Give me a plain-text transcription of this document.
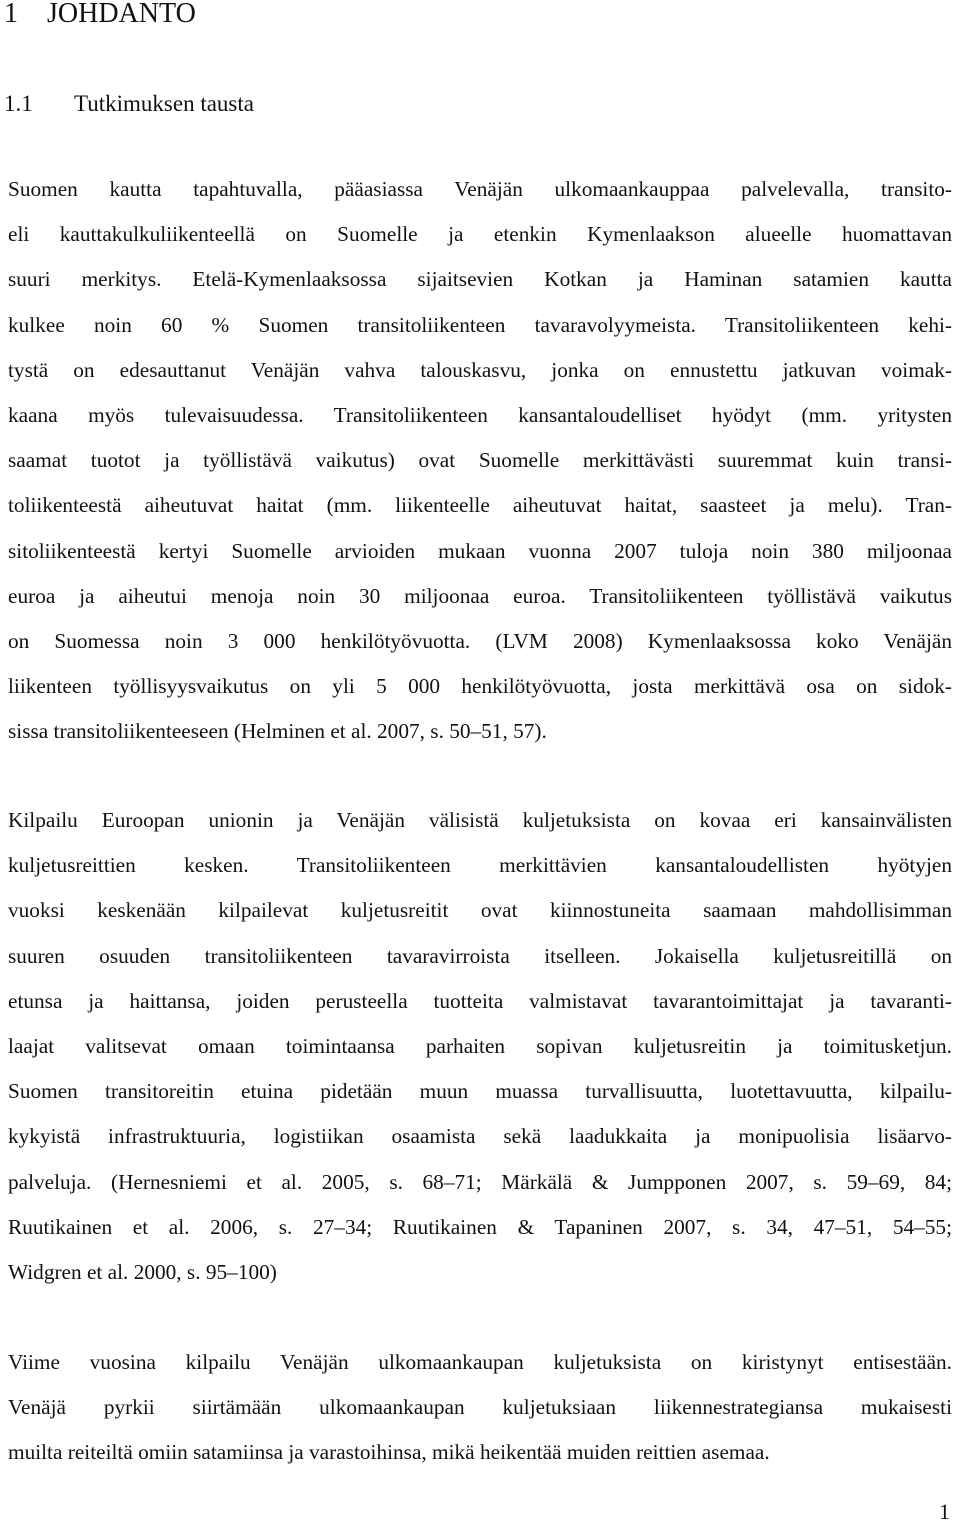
1 JOHDANTO
1.1 Tutkimuksen tausta
Suomen kautta tapahtuvalla, pääasiassa Venäjän ulkomaankauppaa palvelevalla, transito-
eli kauttakulkuliikenteellä on Suomelle ja etenkin Kymenlaakson alueelle huomattavan
suuri merkitys. Etelä-Kymenlaaksossa sijaitsevien Kotkan ja Haminan satamien kautta
kulkee noin 60 % Suomen transitoliikenteen tavaravolyymeista. Transitoliikenteen kehi-
tystä on edesauttanut Venäjän vahva talouskasvu, jonka on ennustettu jatkuvan voimak-
kaana myös tulevaisuudessa. Transitoliikenteen kansantaloudelliset hyödyt (mm. yritysten
saamat tuotot ja työllistävä vaikutus) ovat Suomelle merkittävästi suuremmat kuin transi-
toliikenteestä aiheutuvat haitat (mm. liikenteelle aiheutuvat haitat, saasteet ja melu). Tran-
sitoliikenteestä kertyi Suomelle arvioiden mukaan vuonna 2007 tuloja noin 380 miljoonaa
euroa ja aiheutui menoja noin 30 miljoonaa euroa. Transitoliikenteen työllistävä vaikutus
on Suomessa noin 3 000 henkilötyövuotta. (LVM 2008) Kymenlaaksossa koko Venäjän
liikenteen työllisyysvaikutus on yli 5 000 henkilötyövuotta, josta merkittävä osa on sidok-
sissa transitoliikenteeseen (Helminen et al. 2007, s. 50–51, 57).
Kilpailu Euroopan unionin ja Venäjän välisistä kuljetuksista on kovaa eri kansainvälisten
kuljetusreittien kesken. Transitoliikenteen merkittävien kansantaloudellisten hyötyjen
vuoksi keskenään kilpailevat kuljetusreitit ovat kiinnostuneita saamaan mahdollisimman
suuren osuuden transitoliikenteen tavaravirroista itselleen. Jokaisella kuljetusreitillä on
etunsa ja haittansa, joiden perusteella tuotteita valmistavat tavarantoimittajat ja tavaranti-
laajat valitsevat omaan toimintaansa parhaiten sopivan kuljetusreitin ja toimitusketjun.
Suomen transitoreitin etuina pidetään muun muassa turvallisuutta, luotettavuutta, kilpailu-
kykyistä infrastruktuuria, logistiikan osaamista sekä laadukkaita ja monipuolisia lisäarvo-
palveluja. (Hernesniemi et al. 2005, s. 68–71; Märkälä & Jumpponen 2007, s. 59–69, 84;
Ruutikainen et al. 2006, s. 27–34; Ruutikainen & Tapaninen 2007, s. 34, 47–51, 54–55;
Widgren et al. 2000, s. 95–100)
Viime vuosina kilpailu Venäjän ulkomaankaupan kuljetuksista on kiristynyt entisestään.
Venäjä pyrkii siirtämään ulkomaankaupan kuljetuksiaan liikennestrategiansa mukaisesti
muilta reiteiltä omiin satamiinsa ja varastoihinsa, mikä heikentää muiden reittien asemaa.
1
